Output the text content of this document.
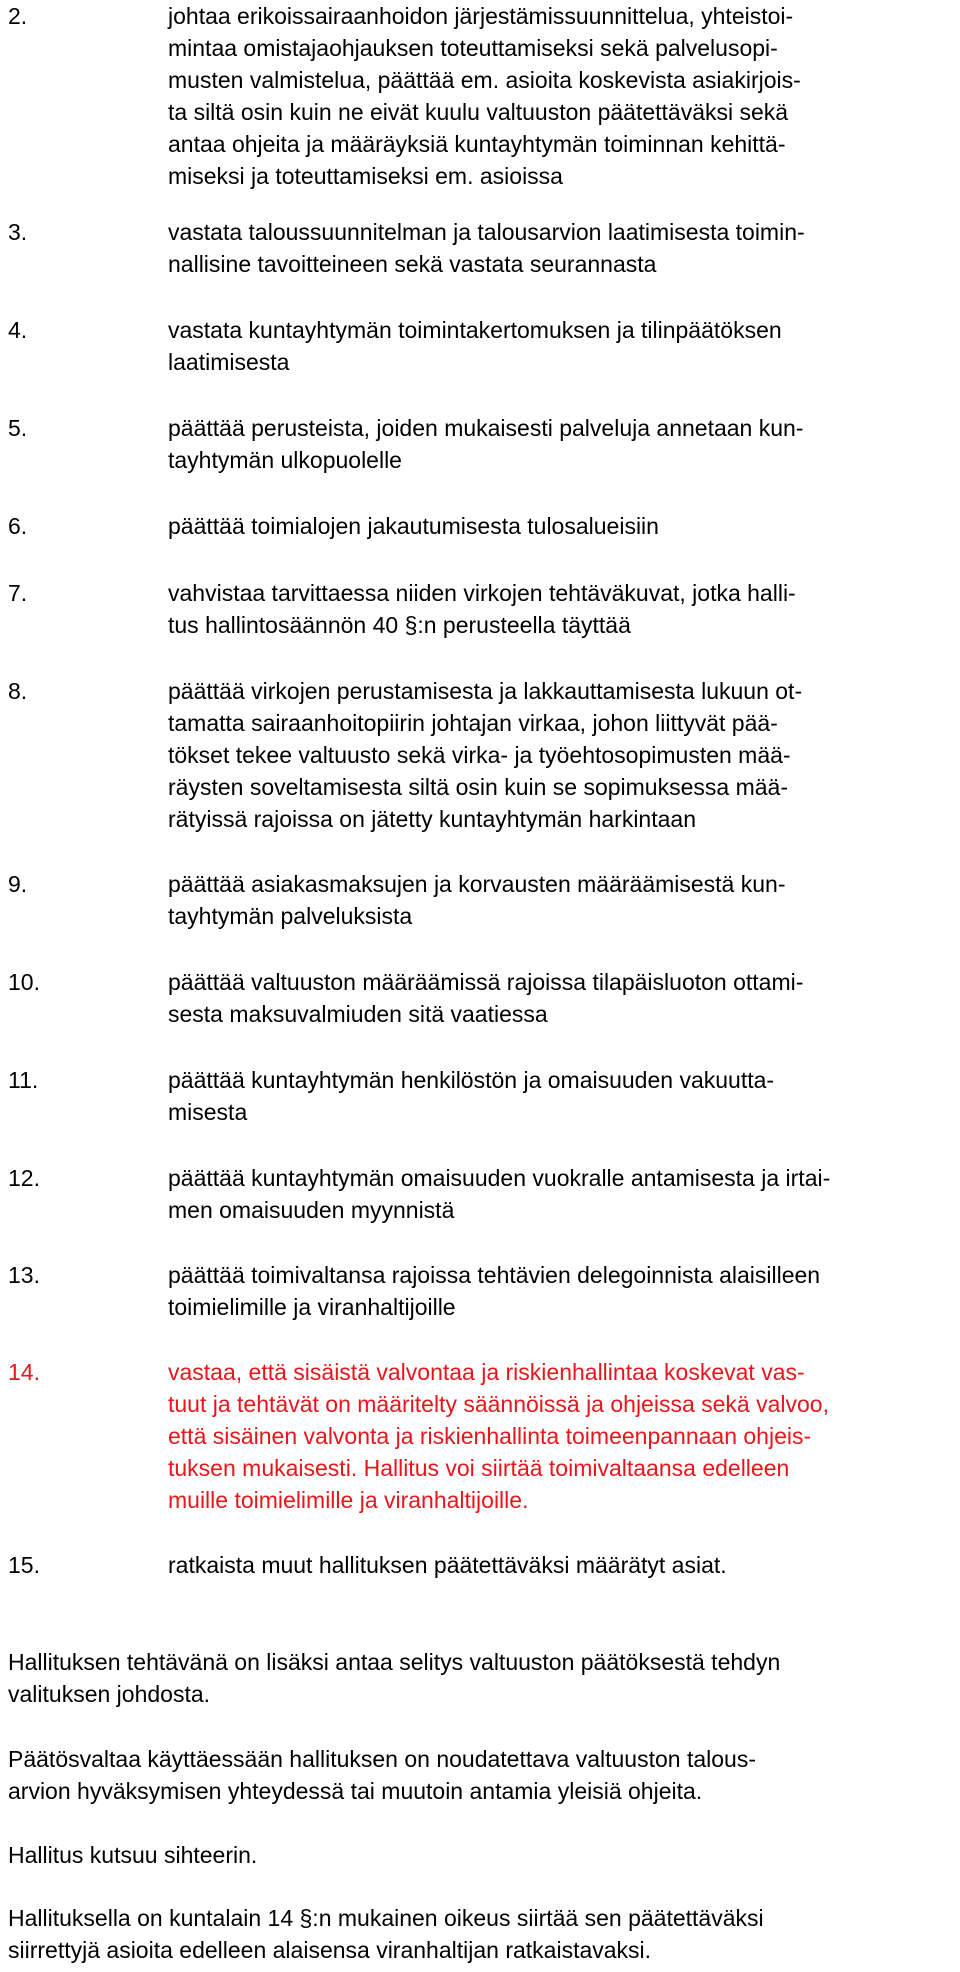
2.	johtaa erikoissairaanhoidon järjestämissuunnittelua, yhteistoi-
mintaa omistajaohjauksen toteuttamiseksi sekä palvelusopi-
musten valmistelua, päättää em. asioita koskevista asiakirjois-
ta siltä osin kuin ne eivät kuulu valtuuston päätettäväksi sekä
antaa ohjeita ja määräyksiä kuntayhtymän toiminnan kehittä-
miseksi ja toteuttamiseksi em. asioissa
3.	vastata taloussuunnitelman ja talousarvion laatimisesta toimin-
nallisine tavoitteineen sekä vastata seurannasta
4.	vastata kuntayhtymän toimintakertomuksen ja tilinpäätöksen
laatimisesta
5.	päättää perusteista, joiden mukaisesti palveluja annetaan kun-
tayhtymän ulkopuolelle
6.	päättää toimialojen jakautumisesta tulosalueisiin
7.	vahvistaa tarvittaessa niiden virkojen tehtäväkuvat, jotka halli-
tus hallintosäännön 40 §:n perusteella täyttää
8.	päättää virkojen perustamisesta ja lakkauttamisesta lukuun ot-
tamatta sairaanhoitopiirin johtajan virkaa, johon liittyvät pää-
tökset tekee valtuusto sekä virka- ja työehtosopimusten mää-
räysten soveltamisesta siltä osin kuin se sopimuksessa mää-
rätyissä rajoissa on jätetty kuntayhtymän harkintaan
9.	päättää asiakasmaksujen ja korvausten määräämisestä kun-
tayhtymän palveluksista
10.	päättää valtuuston määräämissä rajoissa tilapäisluoton ottami-
sesta maksuvalmiuden sitä vaatiessa
11.	päättää kuntayhtymän henkilöstön ja omaisuuden vakuutta-
misesta
12.	päättää kuntayhtymän omaisuuden vuokralle antamisesta ja irtai-
men omaisuuden myynnistä
13.	päättää toimivaltansa rajoissa tehtävien delegoinnista alaisilleen
toimielimille ja viranhaltijoille
14.	vastaa, että sisäistä valvontaa ja riskienhallintaa koskevat vas-
tuut ja tehtävät on määritelty säännöissä ja ohjeissa sekä valvoo,
että sisäinen valvonta ja riskienhallinta toimeenpannaan ohjeis-
tuksen mukaisesti. Hallitus voi siirtää toimivaltaansa edelleen
muille toimielimille ja viranhaltijoille.
15.	ratkaista muut hallituksen päätettäväksi määrätyt asiat.
Hallituksen tehtävänä on lisäksi antaa selitys valtuuston päätöksestä tehdyn
valituksen johdosta.
Päätösvaltaa käyttäessään hallituksen on noudatettava valtuuston talous-
arvion hyväksymisen yhteydessä tai muutoin antamia yleisiä ohjeita.
Hallitus kutsuu sihteerin.
Hallituksella on kuntalain 14 §:n mukainen oikeus siirtää sen päätettäväksi
siirrettyjä asioita edelleen alaisensa viranhaltijan ratkaistavaksi.
